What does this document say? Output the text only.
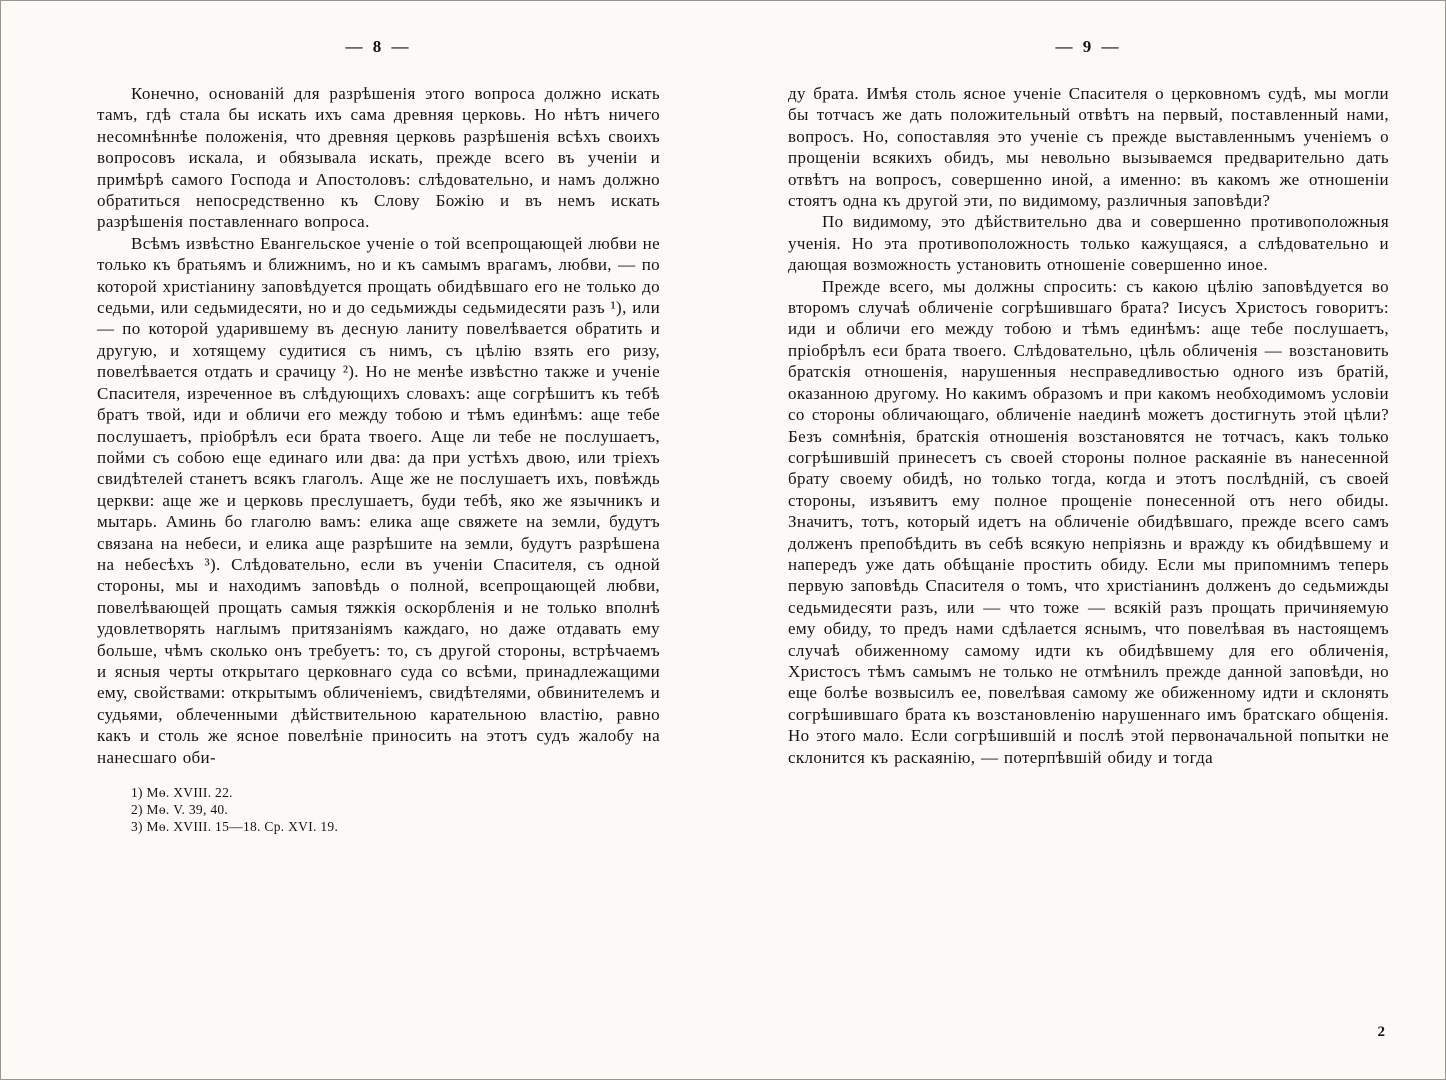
— 8 —

Конечно, основаній для разрѣшенія этого вопроса должно искать тамъ, гдѣ стала бы искать ихъ сама древняя церковь. Но нѣтъ ничего несомнѣннѣе положенія, что древняя церковь разрѣшенія всѣхъ своихъ вопросовъ искала, и обязывала искать, прежде всего въ ученіи и примѣрѣ самого Господа и Апостоловъ: слѣдовательно, и намъ должно обратиться непосредственно къ Слову Божію и въ немъ искать разрѣшенія поставленнаго вопроса.

Всѣмъ извѣстно Евангельское ученіе о той всепрощающей любви не только къ братьямъ и ближнимъ, но и къ самымъ врагамъ, любви, — по которой христіанину заповѣдуется прощать обидѣвшаго его не только до седьми, или седьмидесяти, но и до седьмижды седьмидесяти разъ ¹), или — по которой ударившему въ десную ланиту повелѣвается обратить и другую, и хотящему судитися съ нимъ, съ цѣлію взять его ризу, повелѣвается отдать и срачицу ²). Но не менѣе извѣстно также и ученіе Спасителя, изреченное въ слѣдующихъ словахъ: аще согрѣшитъ къ тебѣ братъ твой, иди и обличи его между тобою и тѣмъ единѣмъ: аще тебе послушаетъ, пріобрѣлъ еси брата твоего. Аще ли тебе не послушаетъ, пойми съ собою еще единаго или два: да при устѣхъ двою, или тріехъ свидѣтелей станетъ всякъ глаголъ. Аще же не послушаетъ ихъ, повѣждь церкви: аще же и церковь преслушаетъ, буди тебѣ, яко же язычникъ и мытарь. Аминь бо глаголю вамъ: елика аще свяжете на земли, будутъ связана на небеси, и елика аще разрѣшите на земли, будутъ разрѣшена на небесѣхъ ³). Слѣдовательно, если въ ученіи Спасителя, съ одной стороны, мы и находимъ заповѣдь о полной, всепрощающей любви, повелѣвающей прощать самыя тяжкія оскорбленія и не только вполнѣ удовлетворять наглымъ притязаніямъ каждаго, но даже отдавать ему больше, чѣмъ сколько онъ требуетъ: то, съ другой стороны, встрѣчаемъ и ясныя черты открытаго церковнаго суда со всѣми, принадлежащими ему, свойствами: открытымъ обличеніемъ, свидѣтелями, обвинителемъ и судьями, облеченными дѣйствительною карательною властію, равно какъ и столь же ясное повелѣніе приносить на этотъ судъ жалобу на нанесшаго оби-

1) Мѳ. XVIII. 22.
2) Мѳ. V. 39, 40.
3) Мѳ. XVIII. 15—18. Ср. XVI. 19.
— 9 —

ду брата. Имѣя столь ясное ученіе Спасителя о церковномъ судѣ, мы могли бы тотчасъ же дать положительный отвѣтъ на первый, поставленный нами, вопросъ. Но, сопоставляя это ученіе съ прежде выставленнымъ ученіемъ о прощеніи всякихъ обидъ, мы невольно вызываемся предварительно дать отвѣтъ на вопросъ, совершенно иной, а именно: въ какомъ же отношеніи стоятъ одна къ другой эти, по видимому, различныя заповѣди?

По видимому, это дѣйствительно два и совершенно противоположныя ученія. Но эта противоположность только кажущаяся, а слѣдовательно и дающая возможность установить отношеніе совершенно иное.

Прежде всего, мы должны спросить: съ какою цѣлію заповѣдуется во второмъ случаѣ обличеніе согрѣшившаго брата? Іисусъ Христосъ говоритъ: иди и обличи его между тобою и тѣмъ единѣмъ: аще тебе послушаетъ, пріобрѣлъ еси брата твоего. Слѣдовательно, цѣль обличенія — возстановить братскія отношенія, нарушенныя несправедливостью одного изъ братій, оказанною другому. Но какимъ образомъ и при какомъ необходимомъ условіи со стороны обличающаго, обличеніе наединѣ можетъ достигнуть этой цѣли? Безъ сомнѣнія, братскія отношенія возстановятся не тотчасъ, какъ только согрѣшившій принесетъ съ своей стороны полное раскаяніе въ нанесенной брату своему обидѣ, но только тогда, когда и этотъ послѣдній, съ своей стороны, изъявитъ ему полное прощеніе понесенной отъ него обиды. Значитъ, тотъ, который идетъ на обличеніе обидѣвшаго, прежде всего самъ долженъ препобѣдить въ себѣ всякую непріязнь и вражду къ обидѣвшему и напередъ уже дать обѣщаніе простить обиду. Если мы припомнимъ теперь первую заповѣдь Спасителя о томъ, что христіанинъ долженъ до седьмижды седьмидесяти разъ, или — что тоже — всякій разъ прощать причиняемую ему обиду, то предъ нами сдѣлается яснымъ, что повелѣвая въ настоящемъ случаѣ обиженному самому идти къ обидѣвшему для его обличенія, Христосъ тѣмъ самымъ не только не отмѣнилъ прежде данной заповѣди, но еще болѣе возвысилъ ее, повелѣвая самому же обиженному идти и склонять согрѣшившаго брата къ возстановленію нарушеннаго имъ братскаго общенія. Но этого мало. Если согрѣшившій и послѣ этой первоначальной попытки не склонится къ раскаянію, — потерпѣвшій обиду и тогда

2
